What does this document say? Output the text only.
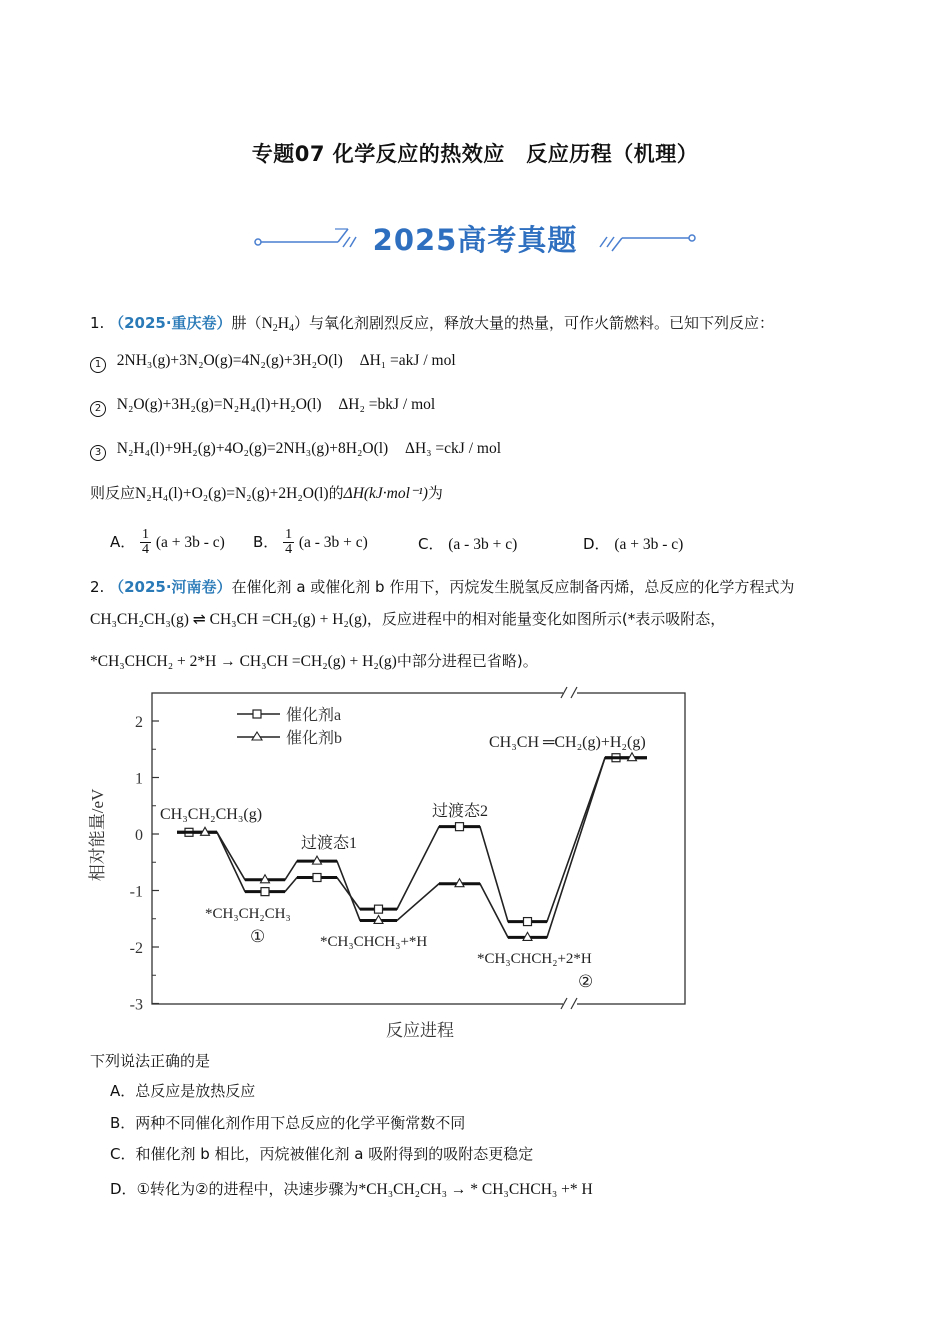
专题07 化学反应的热效应　反应历程（机理）
2025高考真题
1. （2025·重庆卷）肼$(N_2H_4)$与氧化剂剧烈反应，释放大量的热量，可作火箭燃料。已知下列反应：
1 2NH₃(g)+3N₂O(g)=4N₂(g)+3H₂O(l) ΔH₁ =akJ / mol
2 N₂O(g)+3H₂(g)=N₂H₄(l)+H₂O(l) ΔH₂ =bkJ / mol
3 N₂H₄(l)+9H₂(g)+4O₂(g)=2NH₃(g)+8H₂O(l) ΔH₃ =ckJ / mol
则反应N₂H₄(l)+O₂(g)=N₂(g)+2H₂O(l)的ΔH(kJ·mol⁻¹)为
A． $\frac{1}{4} (a + 3b - c)$ B． $\frac{1}{4} (a - 3b + c)$	C． (a - 3b + c)	D． (a + 3b - c)
2. （2025·河南卷）在催化剂 a 或催化剂 b 作用下，丙烷发生脱氢反应制备丙烯，总反应的化学方程式为
CH₃CH₂CH₃(g) ⇌ CH₃CH =CH₂(g) + H₂(g)，反应进程中的相对能量变化如图所示(*表示吸附态，
*CH₃CHCH₂ + 2*H → CH₃CH =CH₂(g) + H₂(g)中部分进程已省略)。
2
1
0
-1
-2
-3
催化剂a
催化剂b
相对能量/eV
反应进程
CH₃CH₂CH₃(g)
*CH₃CH₂CH₃
①
过渡态1
*CH₃CHCH₃+*H
过渡态2
*CH₃CHCH₂+2*H
②
CH₃CH ═CH₂(g)+H₂(g)
下列说法正确的是
A．总反应是放热反应
B．两种不同催化剂作用下总反应的化学平衡常数不同
C．和催化剂 b 相比，丙烷被催化剂 a 吸附得到的吸附态更稳定
D．①转化为②的进程中，决速步骤为*CH₃CH₂CH₃ → * CH₃CHCH₃ +* H
